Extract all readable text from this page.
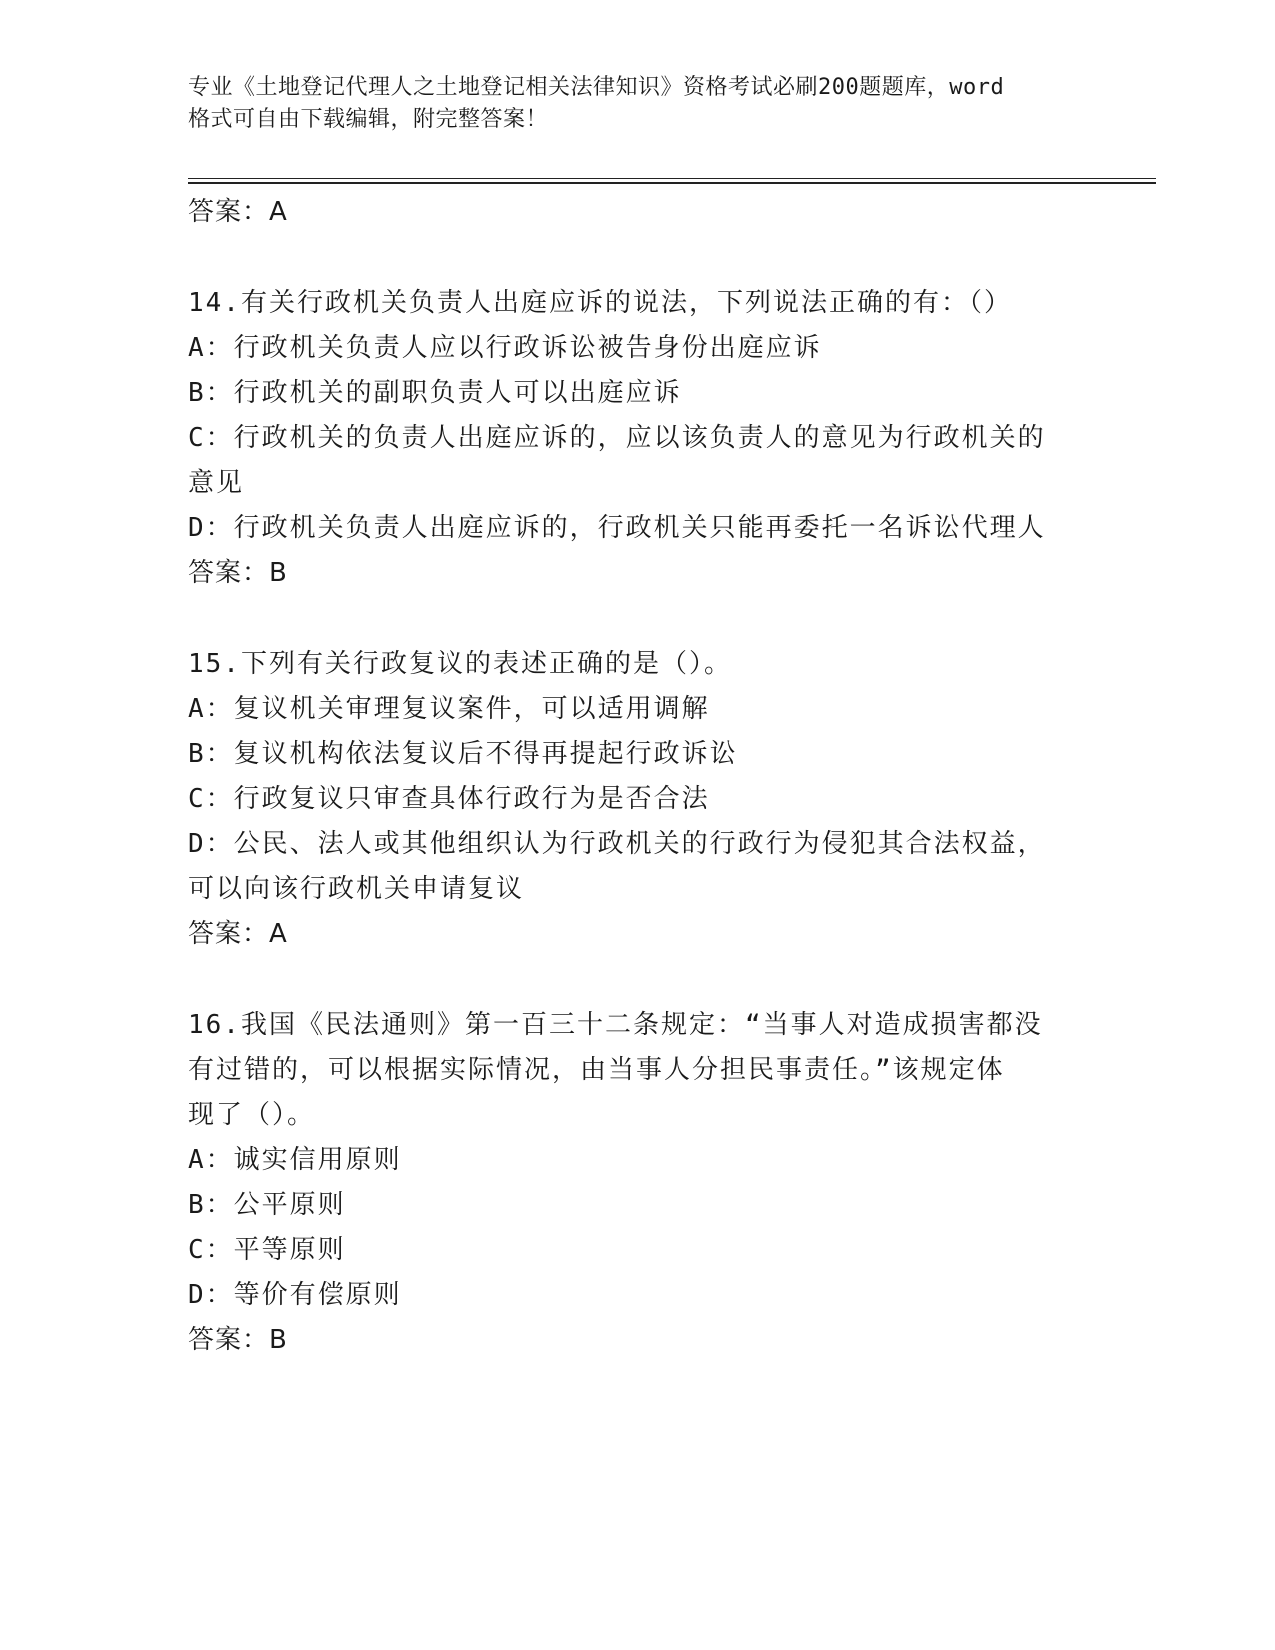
专业《土地登记代理人之土地登记相关法律知识》资格考试必刷200题题库，word
格式可自由下载编辑，附完整答案！
答案：A
14.有关行政机关负责人出庭应诉的说法，下列说法正确的有：（）
A：行政机关负责人应以行政诉讼被告身份出庭应诉
B：行政机关的副职负责人可以出庭应诉
C：行政机关的负责人出庭应诉的，应以该负责人的意见为行政机关的
意见
D：行政机关负责人出庭应诉的，行政机关只能再委托一名诉讼代理人
答案：B
15.下列有关行政复议的表述正确的是（）。
A：复议机关审理复议案件，可以适用调解
B：复议机构依法复议后不得再提起行政诉讼
C：行政复议只审查具体行政行为是否合法
D：公民、法人或其他组织认为行政机关的行政行为侵犯其合法权益，
可以向该行政机关申请复议
答案：A
16.我国《民法通则》第一百三十二条规定：“当事人对造成损害都没
有过错的，可以根据实际情况，由当事人分担民事责任。”该规定体
现了（）。
A：诚实信用原则
B：公平原则
C：平等原则
D：等价有偿原则
答案：B
